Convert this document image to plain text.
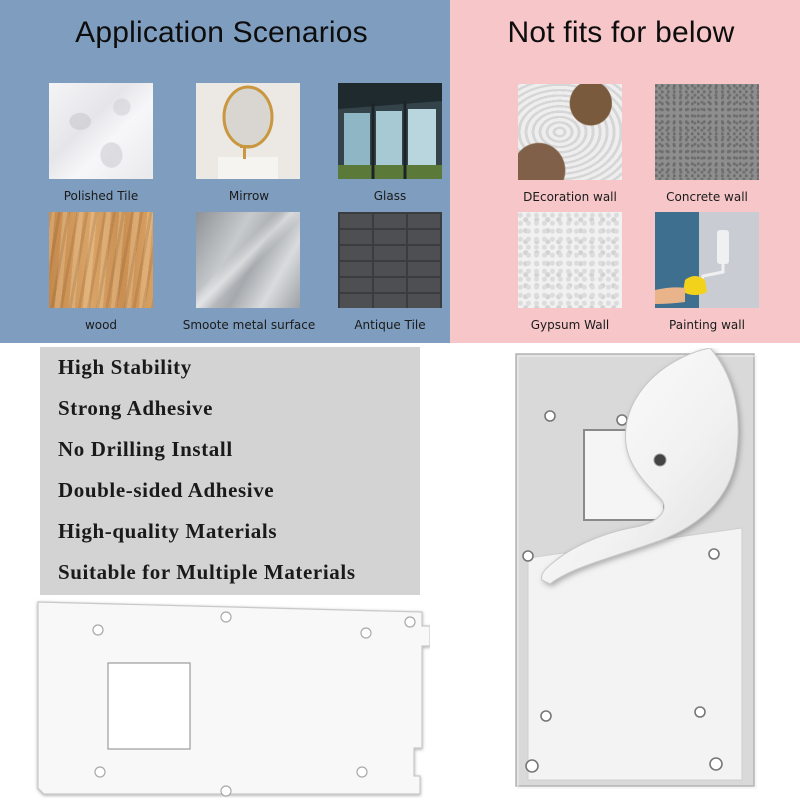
Application Scenarios
Polished Tile	Mirrow	Glass
wood	Smoote metal surface	Antique Tile
Not fits for below
DEcoration wall	Concrete wall
Gypsum Wall	Painting wall
High Stability
Strong Adhesive
No Drilling Install
Double-sided Adhesive
High-quality Materials
Suitable for Multiple Materials
